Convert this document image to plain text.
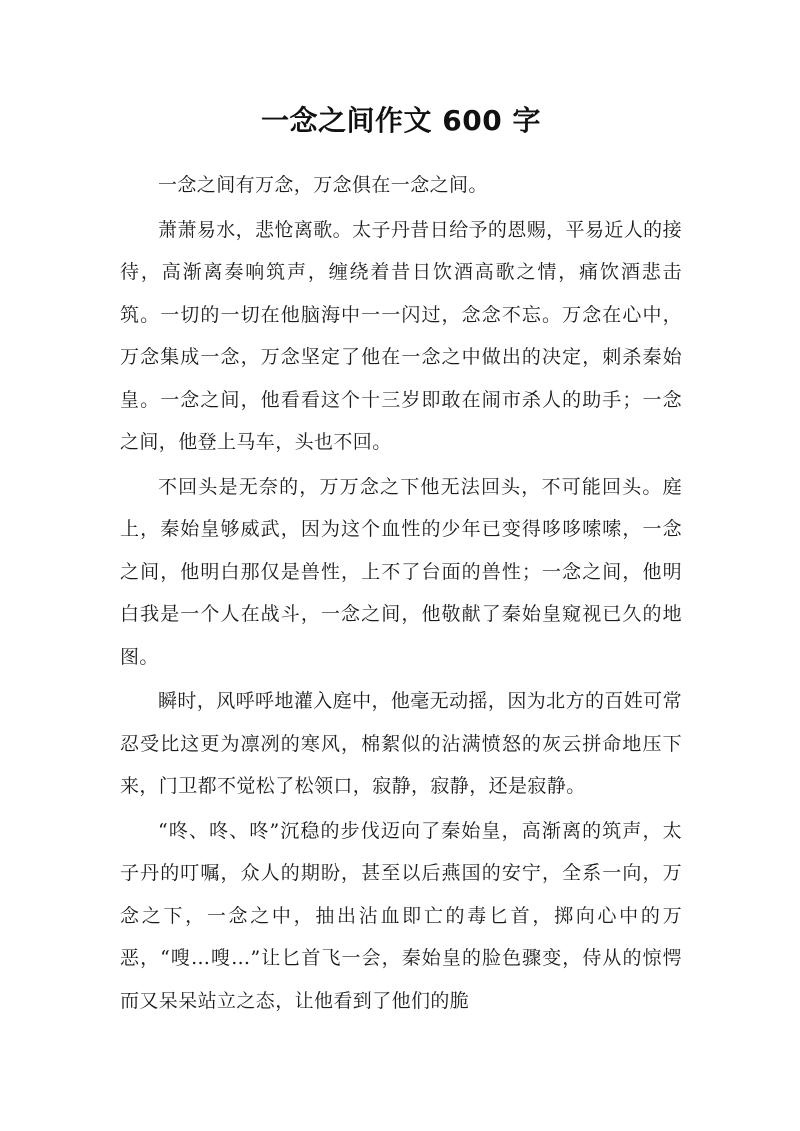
一念之间作文 600 字

一念之间有万念，万念俱在一念之间。

萧萧易水，悲怆离歌。太子丹昔日给予的恩赐，平易近人的接待，高渐离奏响筑声，缠绕着昔日饮酒高歌之情，痛饮酒悲击筑。一切的一切在他脑海中一一闪过，念念不忘。万念在心中，万念集成一念，万念坚定了他在一念之中做出的决定，刺杀秦始皇。一念之间，他看看这个十三岁即敢在闹市杀人的助手；一念之间，他登上马车，头也不回。

不回头是无奈的，万万念之下他无法回头，不可能回头。庭上，秦始皇够威武，因为这个血性的少年已变得哆哆嗦嗦，一念之间，他明白那仅是兽性，上不了台面的兽性；一念之间，他明白我是一个人在战斗，一念之间，他敬献了秦始皇窥视已久的地图。

瞬时，风呼呼地灌入庭中，他毫无动摇，因为北方的百姓可常忍受比这更为凛冽的寒风，棉絮似的沾满愤怒的灰云拼命地压下来，门卫都不觉松了松领口，寂静，寂静，还是寂静。

“咚、咚、咚”沉稳的步伐迈向了秦始皇，高渐离的筑声，太子丹的叮嘱，众人的期盼，甚至以后燕国的安宁，全系一向，万念之下，一念之中，抽出沾血即亡的毒匕首，掷向心中的万恶，“嗖…嗖…”让匕首飞一会，秦始皇的脸色骤变，侍从的惊愕而又呆呆站立之态，让他看到了他们的脆
